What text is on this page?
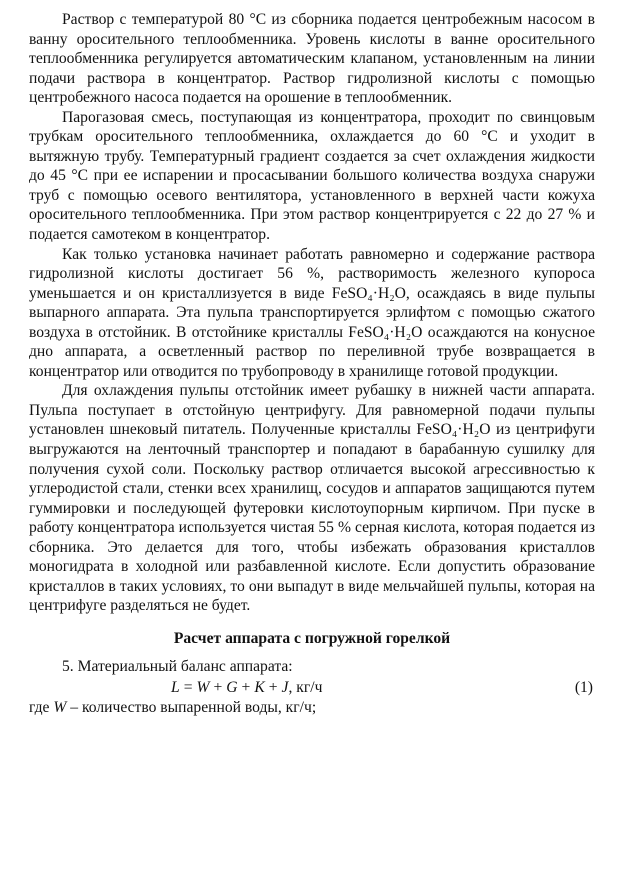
Раствор с температурой 80 °С из сборника подается центробежным насосом в ванну оросительного теплообменника. Уровень кислоты в ванне оросительного теплообменника регулируется автоматическим клапаном, установленным на линии подачи раствора в концентратор. Раствор гидролизной кислоты с помощью центробежного насоса подается на орошение в теплообменник.

Парогазовая смесь, поступающая из концентратора, проходит по свинцовым трубкам оросительного теплообменника, охлаждается до 60 °С и уходит в вытяжную трубу. Температурный градиент создается за счет охлаждения жидкости до 45 °С при ее испарении и просасывании большого количества воздуха снаружи труб с помощью осевого вентилятора, установленного в верхней части кожуха оросительного теплообменника. При этом раствор концентрируется с 22 до 27 % и подается самотеком в концентратор.

Как только установка начинает работать равномерно и содержание раствора гидролизной кислоты достигает 56 %, растворимость железного купороса уменьшается и он кристаллизуется в виде FeSO₄·H₂O, осаждаясь в виде пульпы выпарного аппарата. Эта пульпа транспортируется эрлифтом с помощью сжатого воздуха в отстойник. В отстойнике кристаллы FeSO₄·H₂O осаждаются на конусное дно аппарата, а осветленный раствор по переливной трубе возвращается в концентратор или отводится по трубопроводу в хранилище готовой продукции.

Для охлаждения пульпы отстойник имеет рубашку в нижней части аппарата. Пульпа поступает в отстойную центрифугу. Для равномерной подачи пульпы установлен шнековый питатель. Полученные кристаллы FeSO₄·H₂O из центрифуги выгружаются на ленточный транспортер и попадают в барабанную сушилку для получения сухой соли. Поскольку раствор отличается высокой агрессивностью к углеродистой стали, стенки всех хранилищ, сосудов и аппаратов защищаются путем гуммировки и последующей футеровки кислотоупорным кирпичом. При пуске в работу концентратора используется чистая 55 % серная кислота, которая подается из сборника. Это делается для того, чтобы избежать образования кристаллов моногидрата в холодной или разбавленной кислоте. Если допустить образование кристаллов в таких условиях, то они выпадут в виде мельчайшей пульпы, которая на центрифуге разделяться не будет.

Расчет аппарата с погружной горелкой

5. Материальный баланс аппарата:

L = W + G + K + J, кг/ч	(1)

где W – количество выпаренной воды, кг/ч;
